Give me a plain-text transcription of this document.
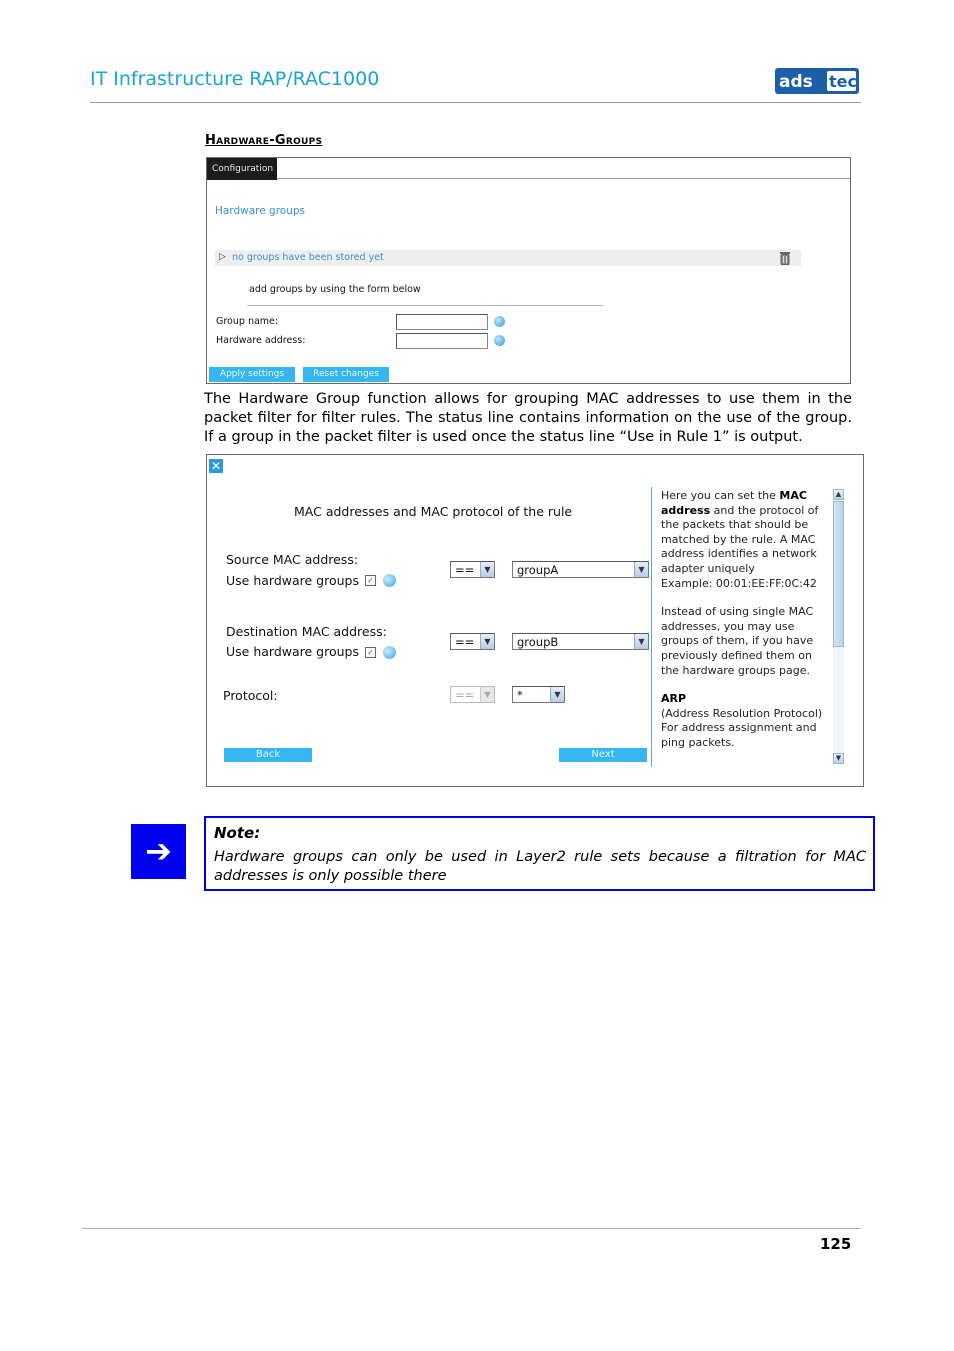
IT Infrastructure RAP/RAC1000	ads tec
Hardware-Groups
Configuration
Hardware groups
▷ no groups have been stored yet
add groups by using the form below
Group name:
Hardware address:
Apply settings	Reset changes
The Hardware Group function allows for grouping MAC addresses to use them in the packet filter for filter rules. The status line contains information on the use of the group. If a group in the packet filter is used once the status line “Use in Rule 1” is output.
✕
MAC addresses and MAC protocol of the rule
Source MAC address:
Use hardware groups ✓
==	▼ groupA	▼
Destination MAC address:
Use hardware groups ✓
==	▼ groupB	▼
Protocol:	==	▼ *	▼
Back	Next
Here you can set the MAC address and the protocol of the packets that should be matched by the rule. A MAC address identifies a network adapter uniquely
Example: 00:01:EE:FF:0C:42
Instead of using single MAC addresses, you may use groups of them, if you have previously defined them on the hardware groups page.
ARP
(Address Resolution Protocol) For address assignment and ping packets.
▲
▼
➔	Note:
Hardware groups can only be used in Layer2 rule sets because a filtration for MAC addresses is only possible there
125
